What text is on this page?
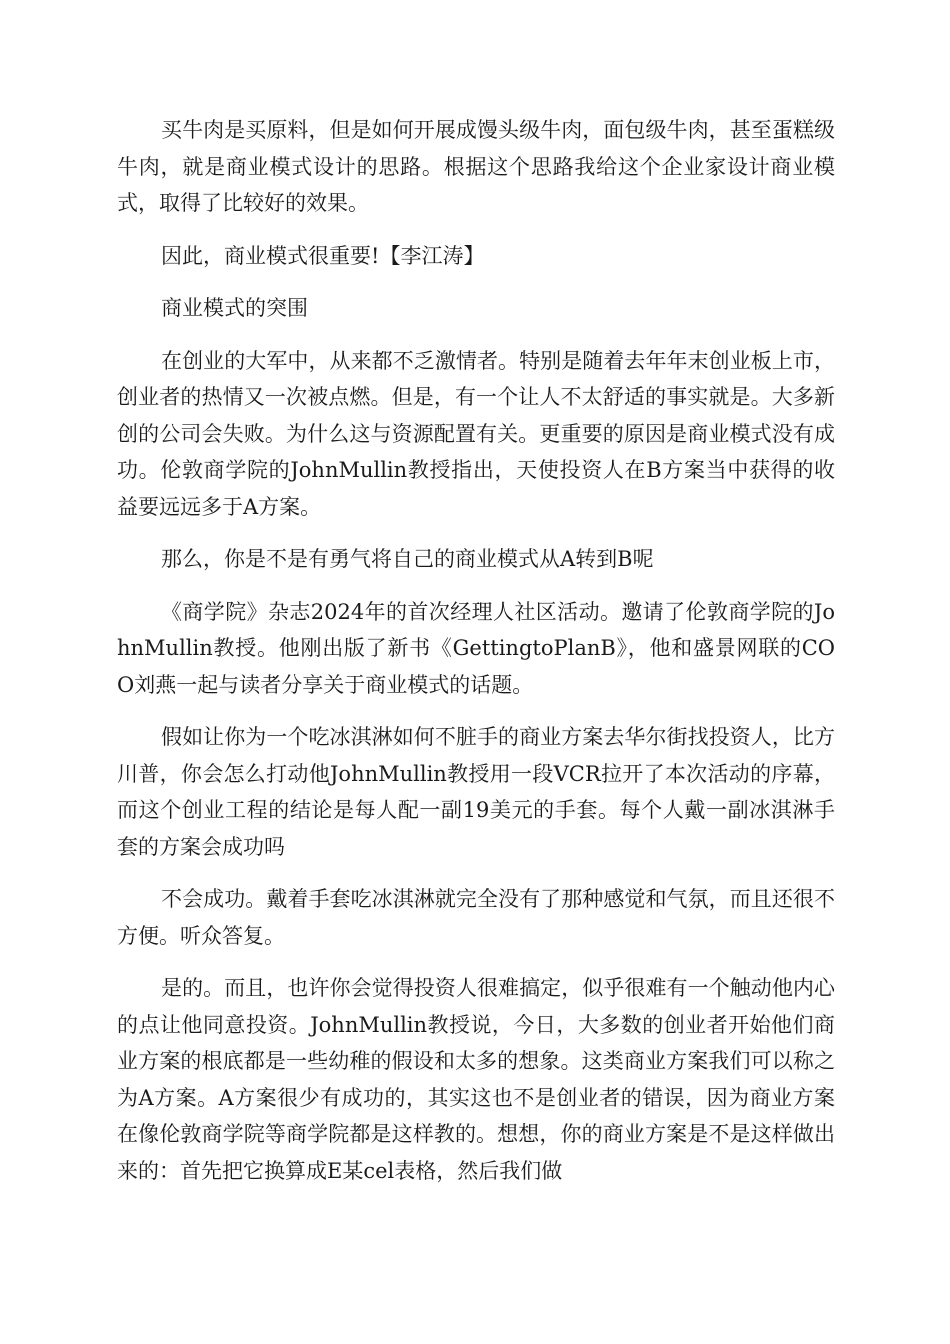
买牛肉是买原料，但是如何开展成馒头级牛肉，面包级牛肉，甚至蛋糕级牛肉，就是商业模式设计的思路。根据这个思路我给这个企业家设计商业模式，取得了比较好的效果。

因此，商业模式很重要!【李江涛】

商业模式的突围

在创业的大军中，从来都不乏激情者。特别是随着去年年末创业板上市，创业者的热情又一次被点燃。但是，有一个让人不太舒适的事实就是。大多新创的公司会失败。为什么这与资源配置有关。更重要的原因是商业模式没有成功。伦敦商学院的JohnMullin教授指出，天使投资人在B方案当中获得的收益要远远多于A方案。

那么，你是不是有勇气将自己的商业模式从A转到B呢

《商学院》杂志2024年的首次经理人社区活动。邀请了伦敦商学院的JohnMullin教授。他刚出版了新书《GettingtoPlanB》，他和盛景网联的COO刘燕一起与读者分享关于商业模式的话题。

假如让你为一个吃冰淇淋如何不脏手的商业方案去华尔街找投资人，比方川普，你会怎么打动他JohnMullin教授用一段VCR拉开了本次活动的序幕，而这个创业工程的结论是每人配一副19美元的手套。每个人戴一副冰淇淋手套的方案会成功吗

不会成功。戴着手套吃冰淇淋就完全没有了那种感觉和气氛，而且还很不方便。听众答复。

是的。而且，也许你会觉得投资人很难搞定，似乎很难有一个触动他内心的点让他同意投资。JohnMullin教授说，今日，大多数的创业者开始他们商业方案的根底都是一些幼稚的假设和太多的想象。这类商业方案我们可以称之为A方案。A方案很少有成功的，其实这也不是创业者的错误，因为商业方案在像伦敦商学院等商学院都是这样教的。想想，你的商业方案是不是这样做出来的：首先把它换算成E某cel表格，然后我们做
